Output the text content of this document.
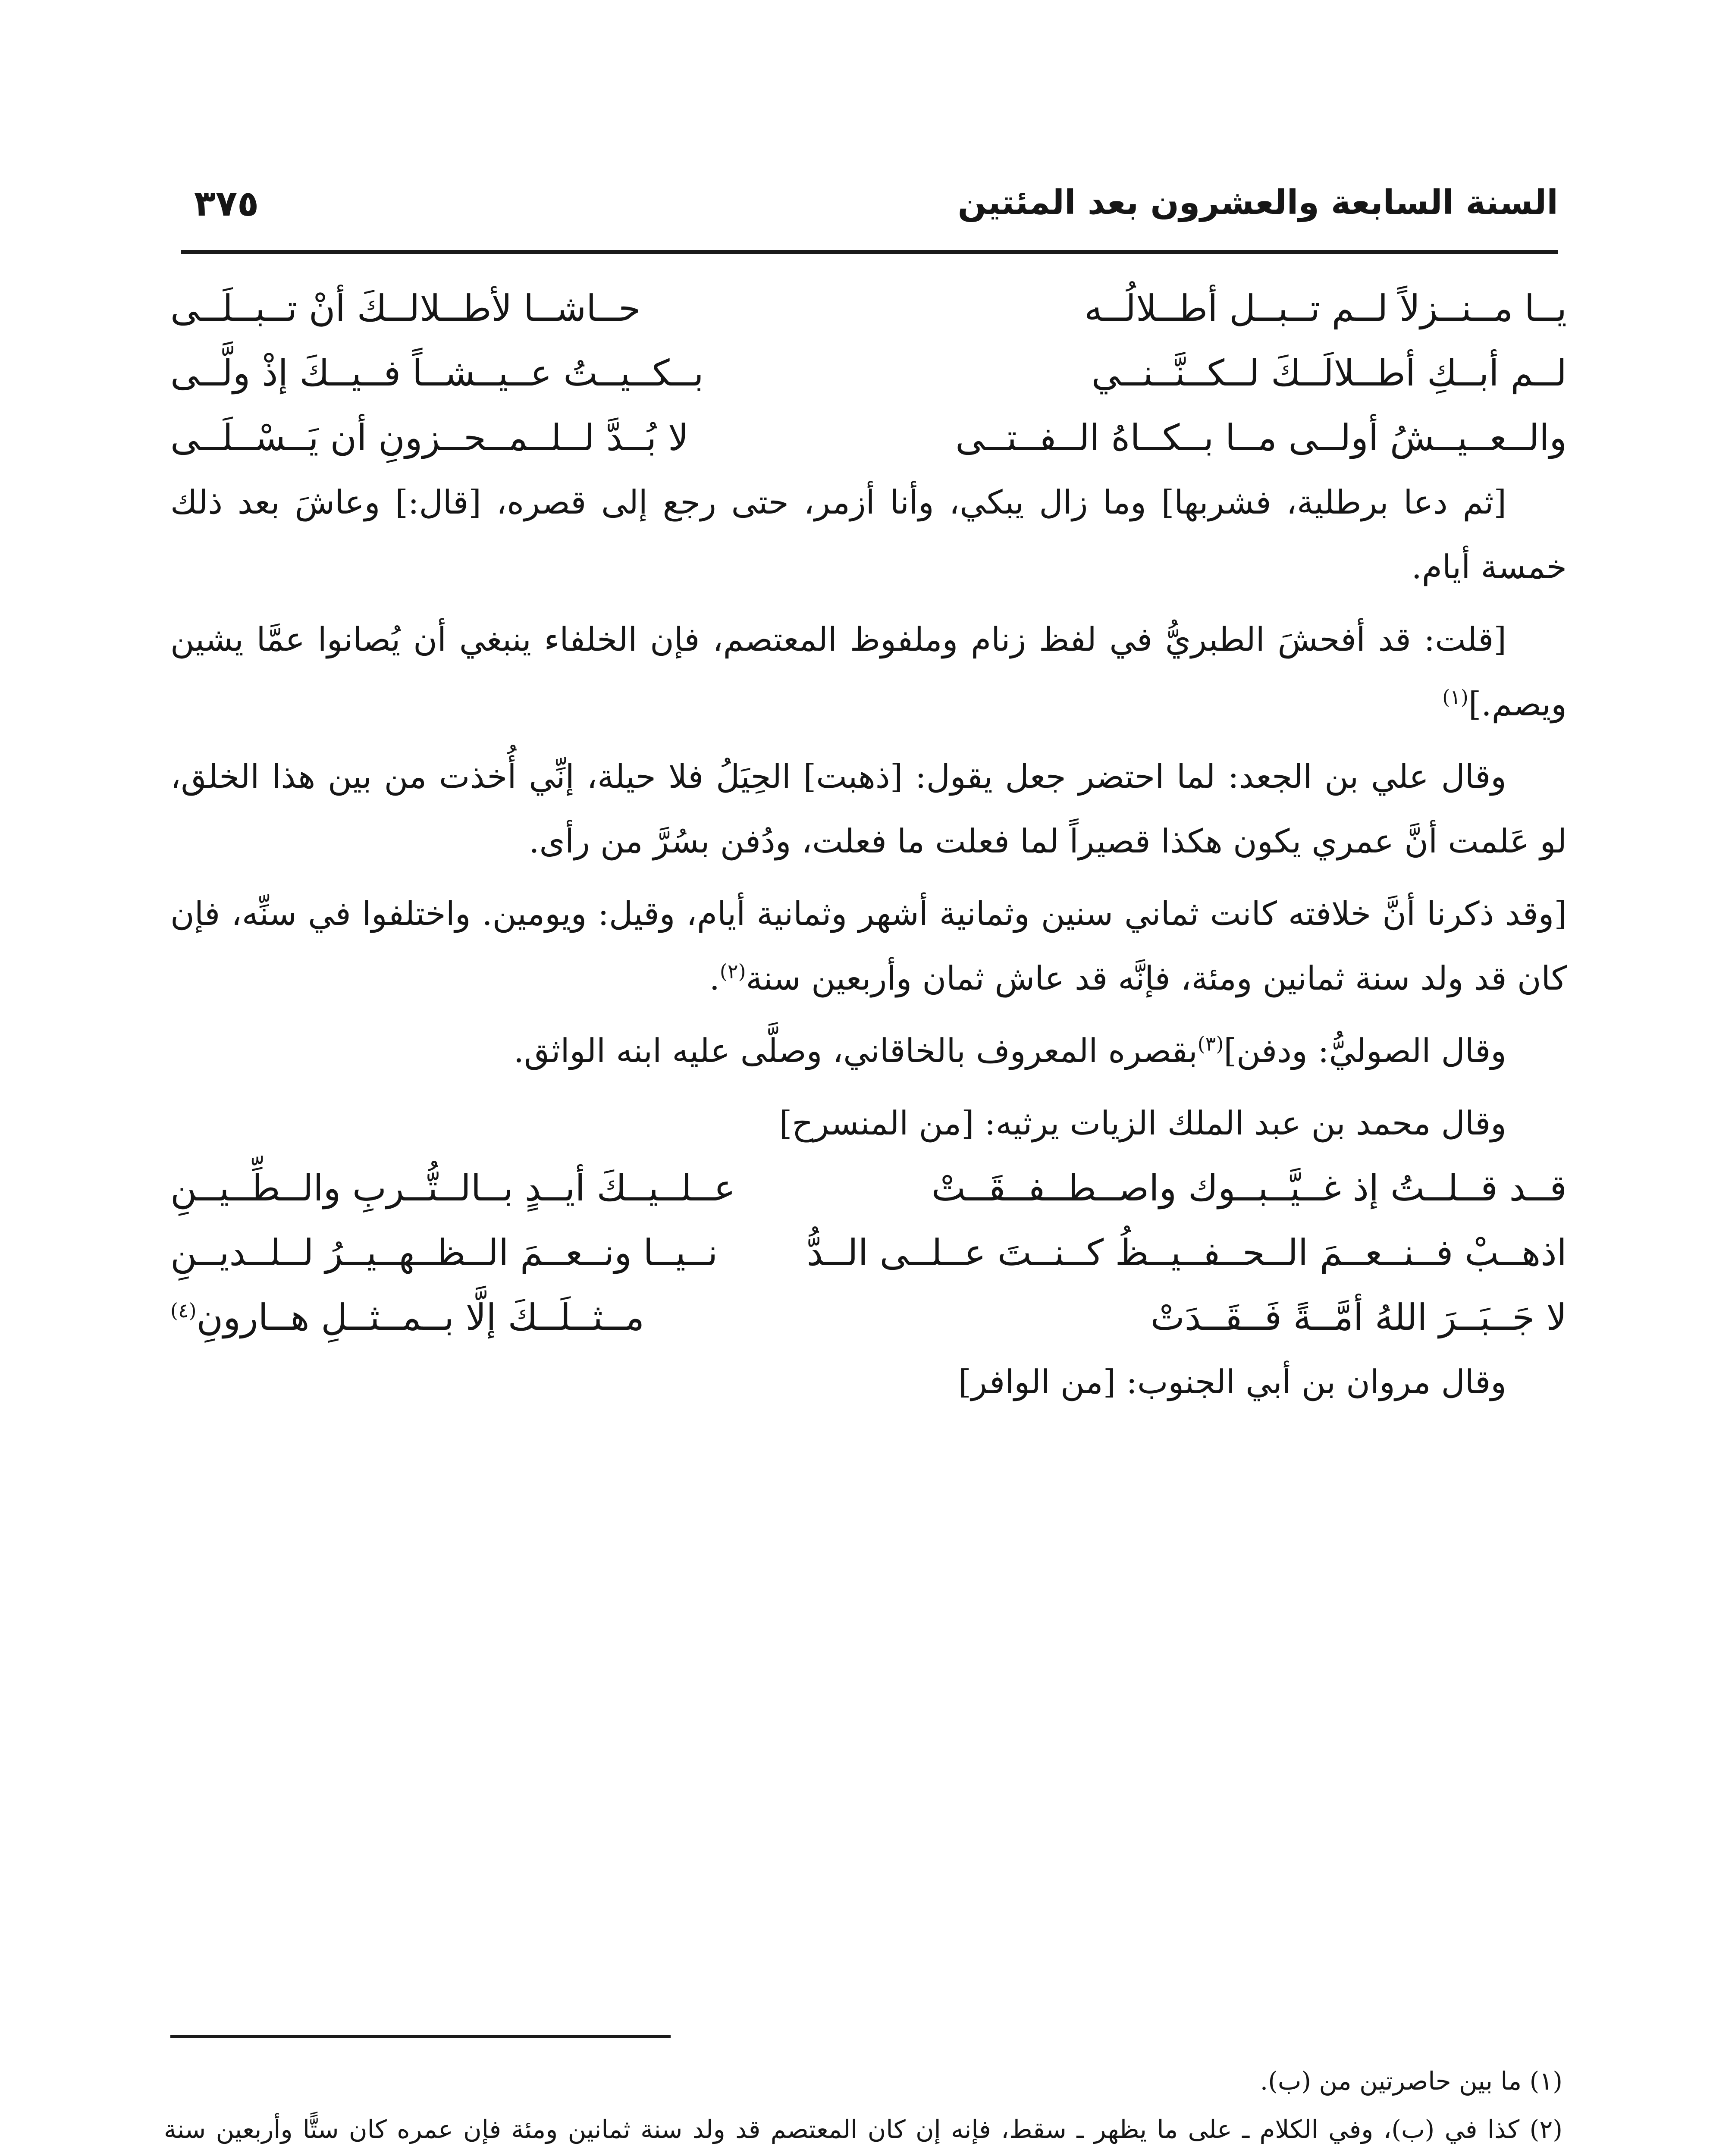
السنة السابعة والعشرون بعد المئتين
٣٧٥
يــا مــنــزلاً لــم تــبــل أطــلالُــه
حــاشــا لأطــلالــكَ أنْ تــبــلَــى
لــم أبــكِ أطــلالَــكَ لــكــنَّــنــي
بــكــيــتُ عــيــشــاً فــيــكَ إذْ ولَّــى
والــعــيــشُ أولــى مــا بــكــاهُ الــفــتــى
لا بُــدَّ لــلــمــحــزونِ أن يَــسْــلَــى

[ثم دعا برطلية، فشربها] وما زال يبكي، وأنا أزمر، حتى رجع إلى قصره، [قال:] وعاشَ بعد ذلك خمسة أيام.

[قلت: قد أفحشَ الطبريُّ في لفظ زنام وملفوظ المعتصم، فإن الخلفاء ينبغي أن يُصانوا عمَّا يشين ويصم.]$^{(١)}$

وقال علي بن الجعد: لما احتضر جعل يقول: [ذهبت] الحِيَلُ فلا حيلة، إنِّي أُخذت من بين هذا الخلق، لو عَلمت أنَّ عمري يكون هكذا قصيراً لما فعلت ما فعلت، ودُفن بسُرَّ من رأى.

[وقد ذكرنا أنَّ خلافته كانت ثماني سنين وثمانية أشهر وثمانية أيام، وقيل: ويومين. واختلفوا في سنِّه، فإن كان قد ولد سنة ثمانين ومئة، فإنَّه قد عاش ثمان وأربعين سنة$^{(٢)}$.

وقال الصوليُّ: ودفن]$^{(٣)}$بقصره المعروف بالخاقاني، وصلَّى عليه ابنه الواثق.

وقال محمد بن عبد الملك الزيات يرثيه: [من المنسرح]

قــد قــلــتُ إذ غــيَّــبــوك واصــطــفــقَــتْ
عــلــيــكَ أيــدٍ بــالــتُّــربِ والــطِّــيــنِ
اذهــبْ فــنــعــمَ الــحــفــيــظُ كــنــتَ عــلــى الــدُّ
نــيــا ونــعــمَ الــظــهــيــرُ لــلــديــنِ
لا جَــبَــرَ اللهُ أمَّــةً فَــقَــدَتْ
مــثــلَــكَ إلَّا بــمــثــلِ هــارونِ$^{(٤)}$

وقال مروان بن أبي الجنوب: [من الوافر]

(١) ما بين حاصرتين من (ب).

(٢) كذا في (ب)، وفي الكلام ـ على ما يظهر ـ سقط، فإنه إن كان المعتصم قد ولد سنة ثمانين ومئة فإن عمره كان ستًّا وأربعين سنة
